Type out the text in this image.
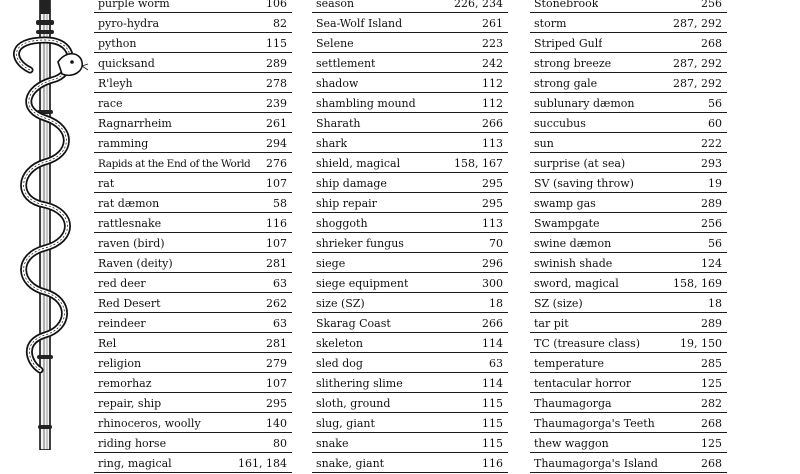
purple worm	106
pyro-hydra	82
python	115
quicksand	289
R'leyh	278
race	239
Ragnarrheim	261
ramming	294
Rapids at the End of the World	276
rat	107
rat dæmon	58
rattlesnake	116
raven (bird)	107
Raven (deity)	281
red deer	63
Red Desert	262
reindeer	63
Rel	281
religion	279
remorhaz	107
repair, ship	295
rhinoceros, woolly	140
riding horse	80
ring, magical	161, 184
season	226, 234
Sea-Wolf Island	261
Selene	223
settlement	242
shadow	112
shambling mound	112
Sharath	266
shark	113
shield, magical	158, 167
ship damage	295
ship repair	295
shoggoth	113
shrieker fungus	70
siege	296
siege equipment	300
size (SZ)	18
Skarag Coast	266
skeleton	114
sled dog	63
slithering slime	114
sloth, ground	115
slug, giant	115
snake	115
snake, giant	116
Stonebrook	256
storm	287, 292
Striped Gulf	268
strong breeze	287, 292
strong gale	287, 292
sublunary dæmon	56
succubus	60
sun	222
surprise (at sea)	293
SV (saving throw)	19
swamp gas	289
Swampgate	256
swine dæmon	56
swinish shade	124
sword, magical	158, 169
SZ (size)	18
tar pit	289
TC (treasure class)	19, 150
temperature	285
tentacular horror	125
Thaumagorga	282
Thaumagorga's Teeth	268
thew waggon	125
Thaumagorga's Island	268
